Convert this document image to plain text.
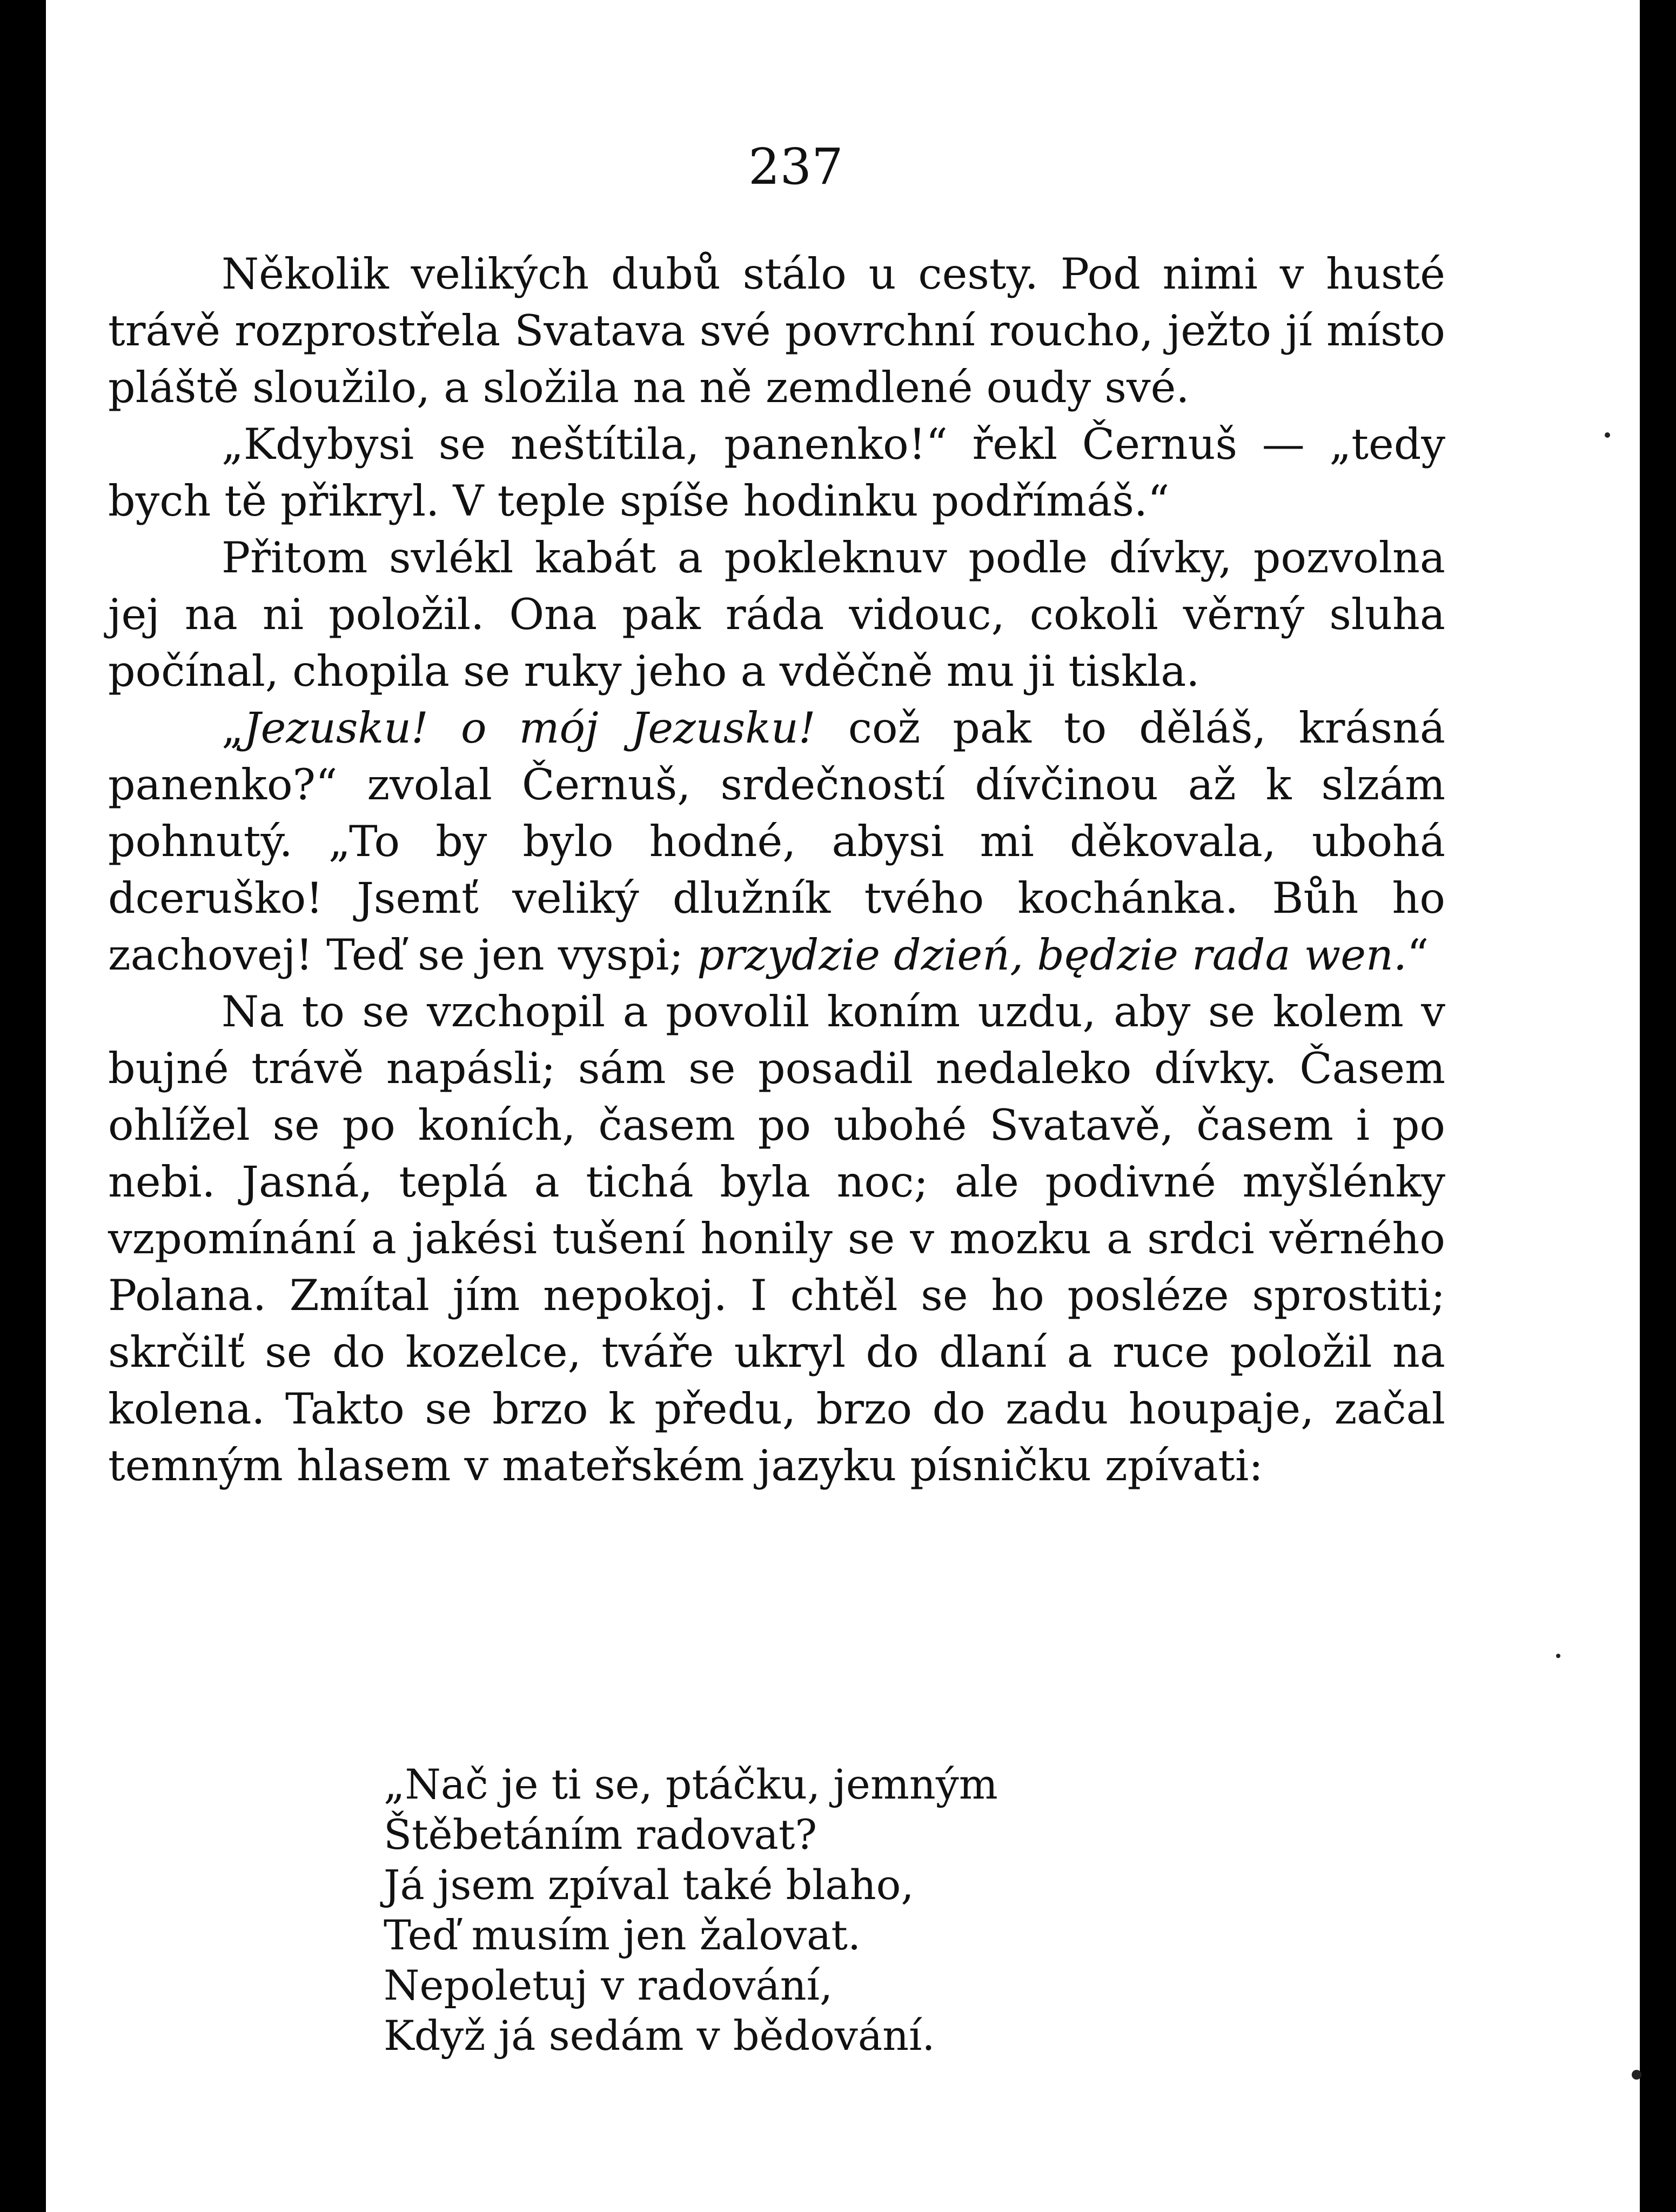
237

Několik velikých dubů stálo u cesty. Pod nimi v husté trávě rozprostřela Svatava své povrchní roucho, ježto jí místo pláště sloužilo, a složila na ně zemdlené oudy své.

„Kdybysi se neštítila, panenko!“ řekl Černuš — „tedy bych tě přikryl. V teple spíše hodinku podřímáš.“

Přitom svlékl kabát a pokleknuv podle dívky, pozvolna jej na ni položil. Ona pak ráda vidouc, cokoli věrný sluha počínal, chopila se ruky jeho a vděčně mu ji tiskla.

„Jezusku! o mój Jezusku! což pak to děláš, krásná panenko?“ zvolal Černuš, srdečností dívčinou až k slzám pohnutý. „To by bylo hodné, abysi mi děkovala, ubohá dceruško! Jsemť veliký dlužník tvého kochánka. Bůh ho zachovej! Teď se jen vyspi; przydzie dzień, będzie rada wen.“

Na to se vzchopil a povolil koním uzdu, aby se kolem v bujné trávě napásli; sám se posadil nedaleko dívky. Časem ohlížel se po koních, časem po ubohé Svatavě, časem i po nebi. Jasná, teplá a tichá byla noc; ale podivné myšlénky vzpomínání a jakési tušení honily se v mozku a srdci věrného Polana. Zmítal jím nepokoj. I chtěl se ho posléze sprostiti; skrčilť se do kozelce, tváře ukryl do dlaní a ruce položil na kolena. Takto se brzo k předu, brzo do zadu houpaje, začal temným hlasem v mateřském jazyku písničku zpívati:

„Nač je ti se, ptáčku, jemným
Štěbetáním radovat?
Já jsem zpíval také blaho,
Teď musím jen žalovat.
Nepoletuj v radování,
Když já sedám v bědování.
